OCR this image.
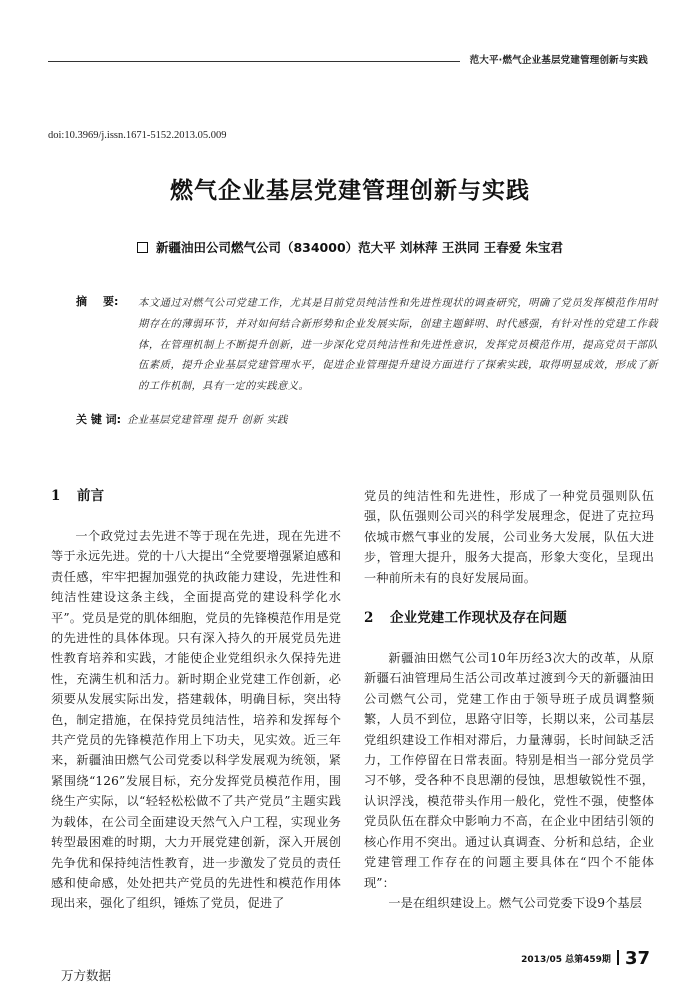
范大平·燃气企业基层党建管理创新与实践
doi:10.3969/j.issn.1671-5152.2013.05.009
燃气企业基层党建管理创新与实践
新疆油田公司燃气公司（834000）范大平 刘林萍 王洪同 王春爱 朱宝君
摘 要: 本文通过对燃气公司党建工作，尤其是目前党员纯洁性和先进性现状的调查研究，明确了党员发挥模范作用时期存在的薄弱环节，并对如何结合新形势和企业发展实际，创建主题鲜明、时代感强，有针对性的党建工作载体，在管理机制上不断提升创新，进一步深化党员纯洁性和先进性意识，发挥党员模范作用，提高党员干部队伍素质，提升企业基层党建管理水平，促进企业管理提升建设方面进行了探索实践，取得明显成效，形成了新的工作机制，具有一定的实践意义。
关 键 词: 企业基层党建管理 提升 创新 实践
1 前言
一个政党过去先进不等于现在先进，现在先进不等于永远先进。党的十八大提出“全党要增强紧迫感和责任感，牢牢把握加强党的执政能力建设，先进性和纯洁性建设这条主线，全面提高党的建设科学化水平”。党员是党的肌体细胞，党员的先锋模范作用是党的先进性的具体体现。只有深入持久的开展党员先进性教育培养和实践，才能使企业党组织永久保持先进性，充满生机和活力。新时期企业党建工作创新，必须要从发展实际出发，搭建载体，明确目标，突出特色，制定措施，在保持党员纯洁性，培养和发挥每个共产党员的先锋模范作用上下功夫，见实效。近三年来，新疆油田燃气公司党委以科学发展观为统领，紧紧围绕“126”发展目标，充分发挥党员模范作用，围绕生产实际，以“轻轻松松做不了共产党员”主题实践为载体，在公司全面建设天然气入户工程，实现业务转型最困难的时期，大力开展党建创新，深入开展创先争优和保持纯洁性教育，进一步激发了党员的责任感和使命感，处处把共产党员的先进性和模范作用体现出来，强化了组织，锤炼了党员，促进了
党员的纯洁性和先进性，形成了一种党员强则队伍强，队伍强则公司兴的科学发展理念，促进了克拉玛依城市燃气事业的发展，公司业务大发展，队伍大进步，管理大提升，服务大提高，形象大变化，呈现出一种前所未有的良好发展局面。
2 企业党建工作现状及存在问题
新疆油田燃气公司10年历经3次大的改革，从原新疆石油管理局生活公司改革过渡到今天的新疆油田公司燃气公司，党建工作由于领导班子成员调整频繁，人员不到位，思路守旧等，长期以来，公司基层党组织建设工作相对滞后，力量薄弱，长时间缺乏活力，工作停留在日常表面。特别是相当一部分党员学习不够，受各种不良思潮的侵蚀，思想敏锐性不强，认识浮浅，模范带头作用一般化，党性不强，使整体党员队伍在群众中影响力不高，在企业中团结引领的核心作用不突出。通过认真调查、分析和总结，企业党建管理工作存在的问题主要具体在“四个不能体现”：
一是在组织建设上。燃气公司党委下设9个基层
2013/05 总第459期 37
万方数据
